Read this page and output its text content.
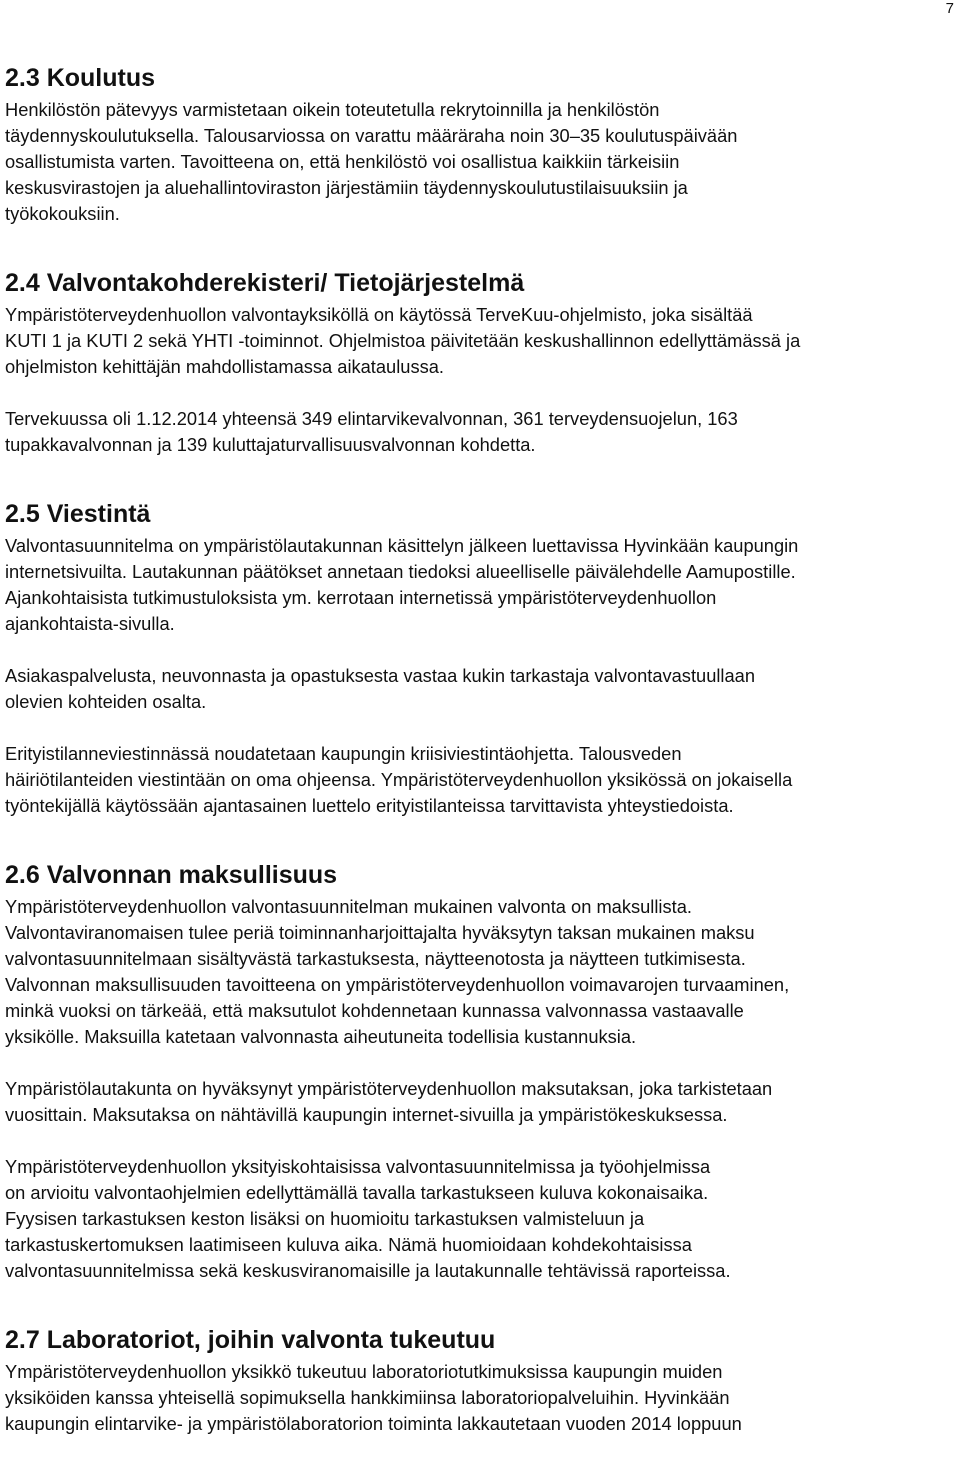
7
2.3 Koulutus

Henkilöstön pätevyys varmistetaan oikein toteutetulla rekrytoinnilla ja henkilöstön
täydennyskoulutuksella. Talousarviossa on varattu määräraha noin 30–35 koulutuspäivään
osallistumista varten. Tavoitteena on, että henkilöstö voi osallistua kaikkiin tärkeisiin
keskusvirastojen ja aluehallintoviraston järjestämiin täydennyskoulutustilaisuuksiin ja
työkokouksiin.

2.4 Valvontakohderekisteri/ Tietojärjestelmä

Ympäristöterveydenhuollon valvontayksiköllä on käytössä TerveKuu-ohjelmisto, joka sisältää
KUTI 1 ja KUTI 2 sekä YHTI -toiminnot. Ohjelmistoa päivitetään keskushallinnon edellyttämässä ja
ohjelmiston kehittäjän mahdollistamassa aikataulussa.

Tervekuussa oli 1.12.2014 yhteensä 349 elintarvikevalvonnan, 361 terveydensuojelun, 163
tupakkavalvonnan ja 139 kuluttajaturvallisuusvalvonnan kohdetta.

2.5 Viestintä

Valvontasuunnitelma on ympäristölautakunnan käsittelyn jälkeen luettavissa Hyvinkään kaupungin
internetsivuilta. Lautakunnan päätökset annetaan tiedoksi alueelliselle päivälehdelle Aamupostille.
Ajankohtaisista tutkimustuloksista ym. kerrotaan internetissä ympäristöterveydenhuollon
ajankohtaista-sivulla.

Asiakaspalvelusta, neuvonnasta ja opastuksesta vastaa kukin tarkastaja valvontavastuullaan
olevien kohteiden osalta.

Erityistilanneviestinnässä noudatetaan kaupungin kriisiviestintäohjetta. Talousveden
häiriötilanteiden viestintään on oma ohjeensa. Ympäristöterveydenhuollon yksikössä on jokaisella
työntekijällä käytössään ajantasainen luettelo erityistilanteissa tarvittavista yhteystiedoista.

2.6 Valvonnan maksullisuus

Ympäristöterveydenhuollon valvontasuunnitelman mukainen valvonta on maksullista.
Valvontaviranomaisen tulee periä toiminnanharjoittajalta hyväksytyn taksan mukainen maksu
valvontasuunnitelmaan sisältyvästä tarkastuksesta, näytteenotosta ja näytteen tutkimisesta.
Valvonnan maksullisuuden tavoitteena on ympäristöterveydenhuollon voimavarojen turvaaminen,
minkä vuoksi on tärkeää, että maksutulot kohdennetaan kunnassa valvonnassa vastaavalle
yksikölle. Maksuilla katetaan valvonnasta aiheutuneita todellisia kustannuksia.

Ympäristölautakunta on hyväksynyt ympäristöterveydenhuollon maksutaksan, joka tarkistetaan
vuosittain. Maksutaksa on nähtävillä kaupungin internet-sivuilla ja ympäristökeskuksessa.

Ympäristöterveydenhuollon yksityiskohtaisissa valvontasuunnitelmissa ja työohjelmissa
on arvioitu valvontaohjelmien edellyttämällä tavalla tarkastukseen kuluva kokonaisaika.
Fyysisen tarkastuksen keston lisäksi on huomioitu tarkastuksen valmisteluun ja
tarkastuskertomuksen laatimiseen kuluva aika. Nämä huomioidaan kohdekohtaisissa
valvontasuunnitelmissa sekä keskusviranomaisille ja lautakunnalle tehtävissä raporteissa.

2.7 Laboratoriot, joihin valvonta tukeutuu

Ympäristöterveydenhuollon yksikkö tukeutuu laboratoriotutkimuksissa kaupungin muiden
yksiköiden kanssa yhteisellä sopimuksella hankkimiinsa laboratoriopalveluihin. Hyvinkään
kaupungin elintarvike- ja ympäristölaboratorion toiminta lakkautetaan vuoden 2014 loppuun
